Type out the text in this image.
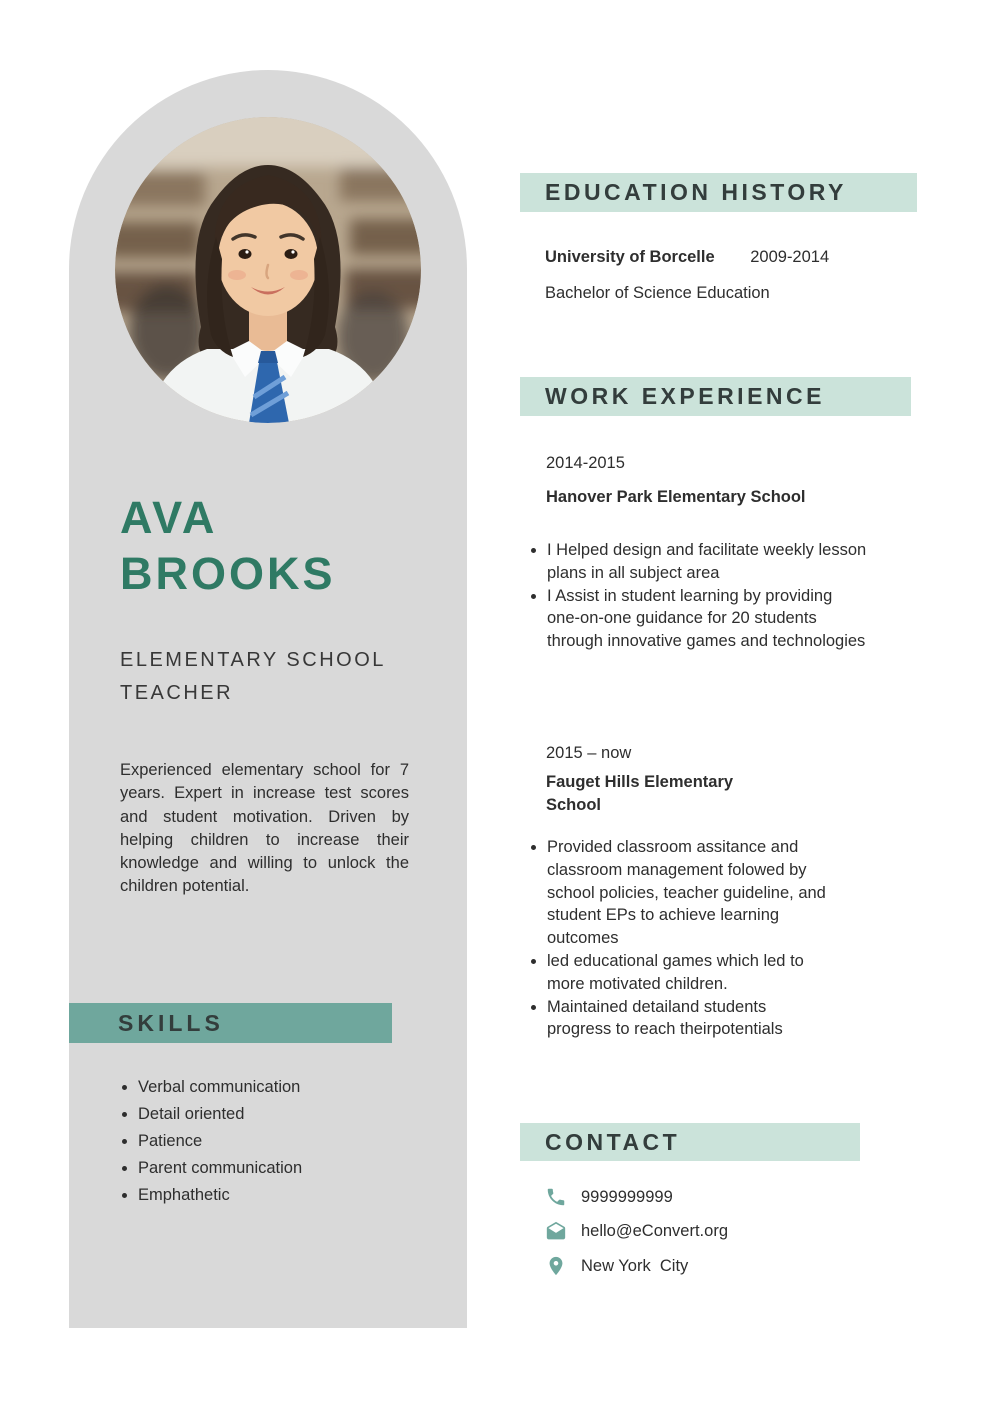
AVA
BROOKS
ELEMENTARY SCHOOL TEACHER
Experienced elementary school for 7 years. Expert in increase test scores and student motivation. Driven by helping children to increase their knowledge and willing to unlock the children potential.
SKILLS
• Verbal communication
• Detail oriented
• Patience
• Parent communication
• Emphathetic
EDUCATION HISTORY
University of Borcelle 2009-2014
Bachelor of Science Education
WORK EXPERIENCE
2014-2015
Hanover Park Elementary School
• I Helped design and facilitate weekly lesson plans in all subject area
• I Assist in student learning by providing one-on-one guidance for 20 students through innovative games and technologies
2015 – now
Fauget Hills Elementary School
• Provided classroom assitance and classroom management folowed by school policies, teacher guideline, and student EPs to achieve learning outcomes
• led educational games which led to more motivated children.
• Maintained detailand students progress to reach theirpotentials
CONTACT
9999999999
hello@eConvert.org
New York  City
